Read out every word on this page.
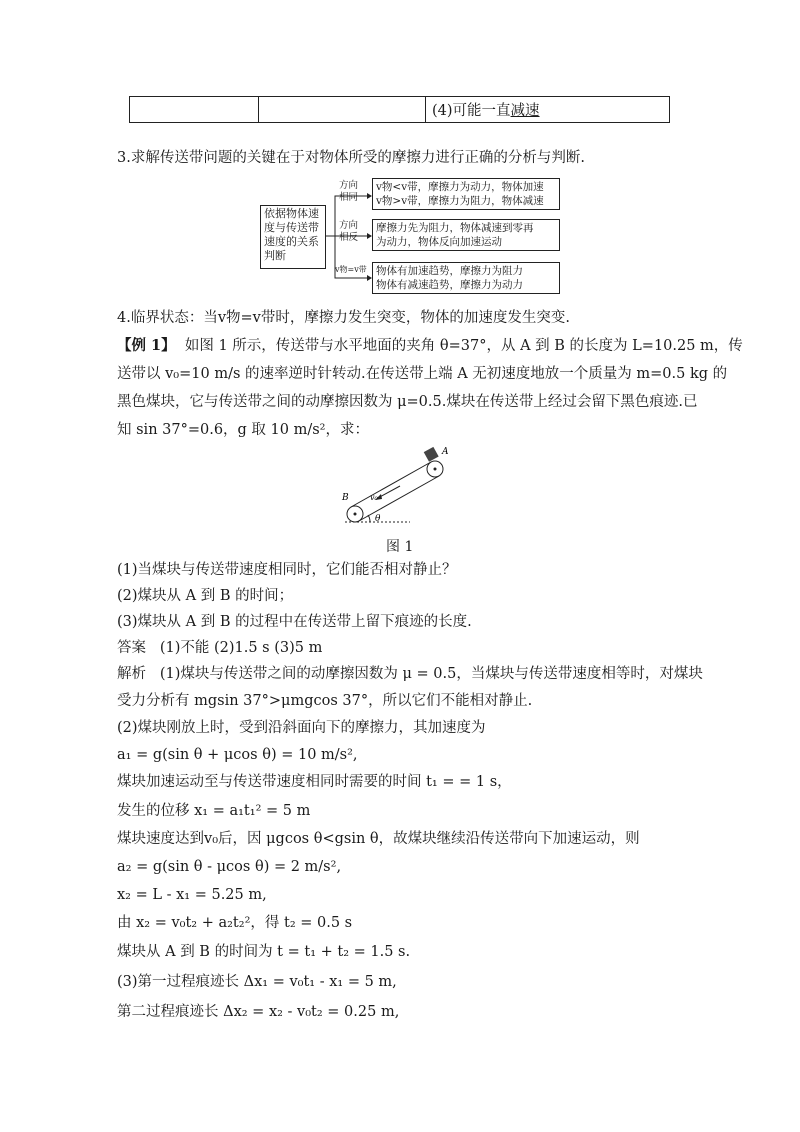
		(4)可能一直减速
3.求解传送带问题的关键在于对物体所受的摩擦力进行正确的分析与判断.
依据物体速度与传送带速度的关系判断
方向相同
方向相反
v物=v带
v物<v带，摩擦力为动力，物体加速
v物>v带，摩擦力为阻力，物体减速
摩擦力先为阻力，物体减速到零再
为动力，物体反向加速运动
物体有加速趋势，摩擦力为阻力
物体有减速趋势，摩擦力为动力
4.临界状态：当v物=v带时，摩擦力发生突变，物体的加速度发生突变.
【例 1】 如图 1 所示，传送带与水平地面的夹角 θ=37°，从 A 到 B 的长度为 L=10.25 m，传
送带以 v₀=10 m/s 的速率逆时针转动.在传送带上端 A 无初速度地放一个质量为 m=0.5 kg 的
黑色煤块，它与传送带之间的动摩擦因数为 μ=0.5.煤块在传送带上经过会留下黑色痕迹.已
知 sin 37°=0.6，g 取 10 m/s²，求：
A
B	v₀
θ
图 1
(1)当煤块与传送带速度相同时，它们能否相对静止？
(2)煤块从 A 到 B 的时间；
(3)煤块从 A 到 B 的过程中在传送带上留下痕迹的长度.
答案 (1)不能 (2)1.5 s (3)5 m
解析 (1)煤块与传送带之间的动摩擦因数为 μ = 0.5，当煤块与传送带速度相等时，对煤块
受力分析有 mgsin 37°>μmgcos 37°，所以它们不能相对静止.
(2)煤块刚放上时，受到沿斜面向下的摩擦力，其加速度为
a₁ = g(sin θ + μcos θ) = 10 m/s²,
煤块加速运动至与传送带速度相同时需要的时间 t₁ = = 1 s，
发生的位移 x₁ = a₁t₁² = 5 m
煤块速度达到v₀后，因 μgcos θ<gsin θ，故煤块继续沿传送带向下加速运动，则
a₂ = g(sin θ - μcos θ) = 2 m/s²,
x₂ = L - x₁ = 5.25 m,
由 x₂ = v₀t₂ + a₂t₂²，得 t₂ = 0.5 s
煤块从 A 到 B 的时间为 t = t₁ + t₂ = 1.5 s.
(3)第一过程痕迹长 Δx₁ = v₀t₁ - x₁ = 5 m,
第二过程痕迹长 Δx₂ = x₂ - v₀t₂ = 0.25 m,
